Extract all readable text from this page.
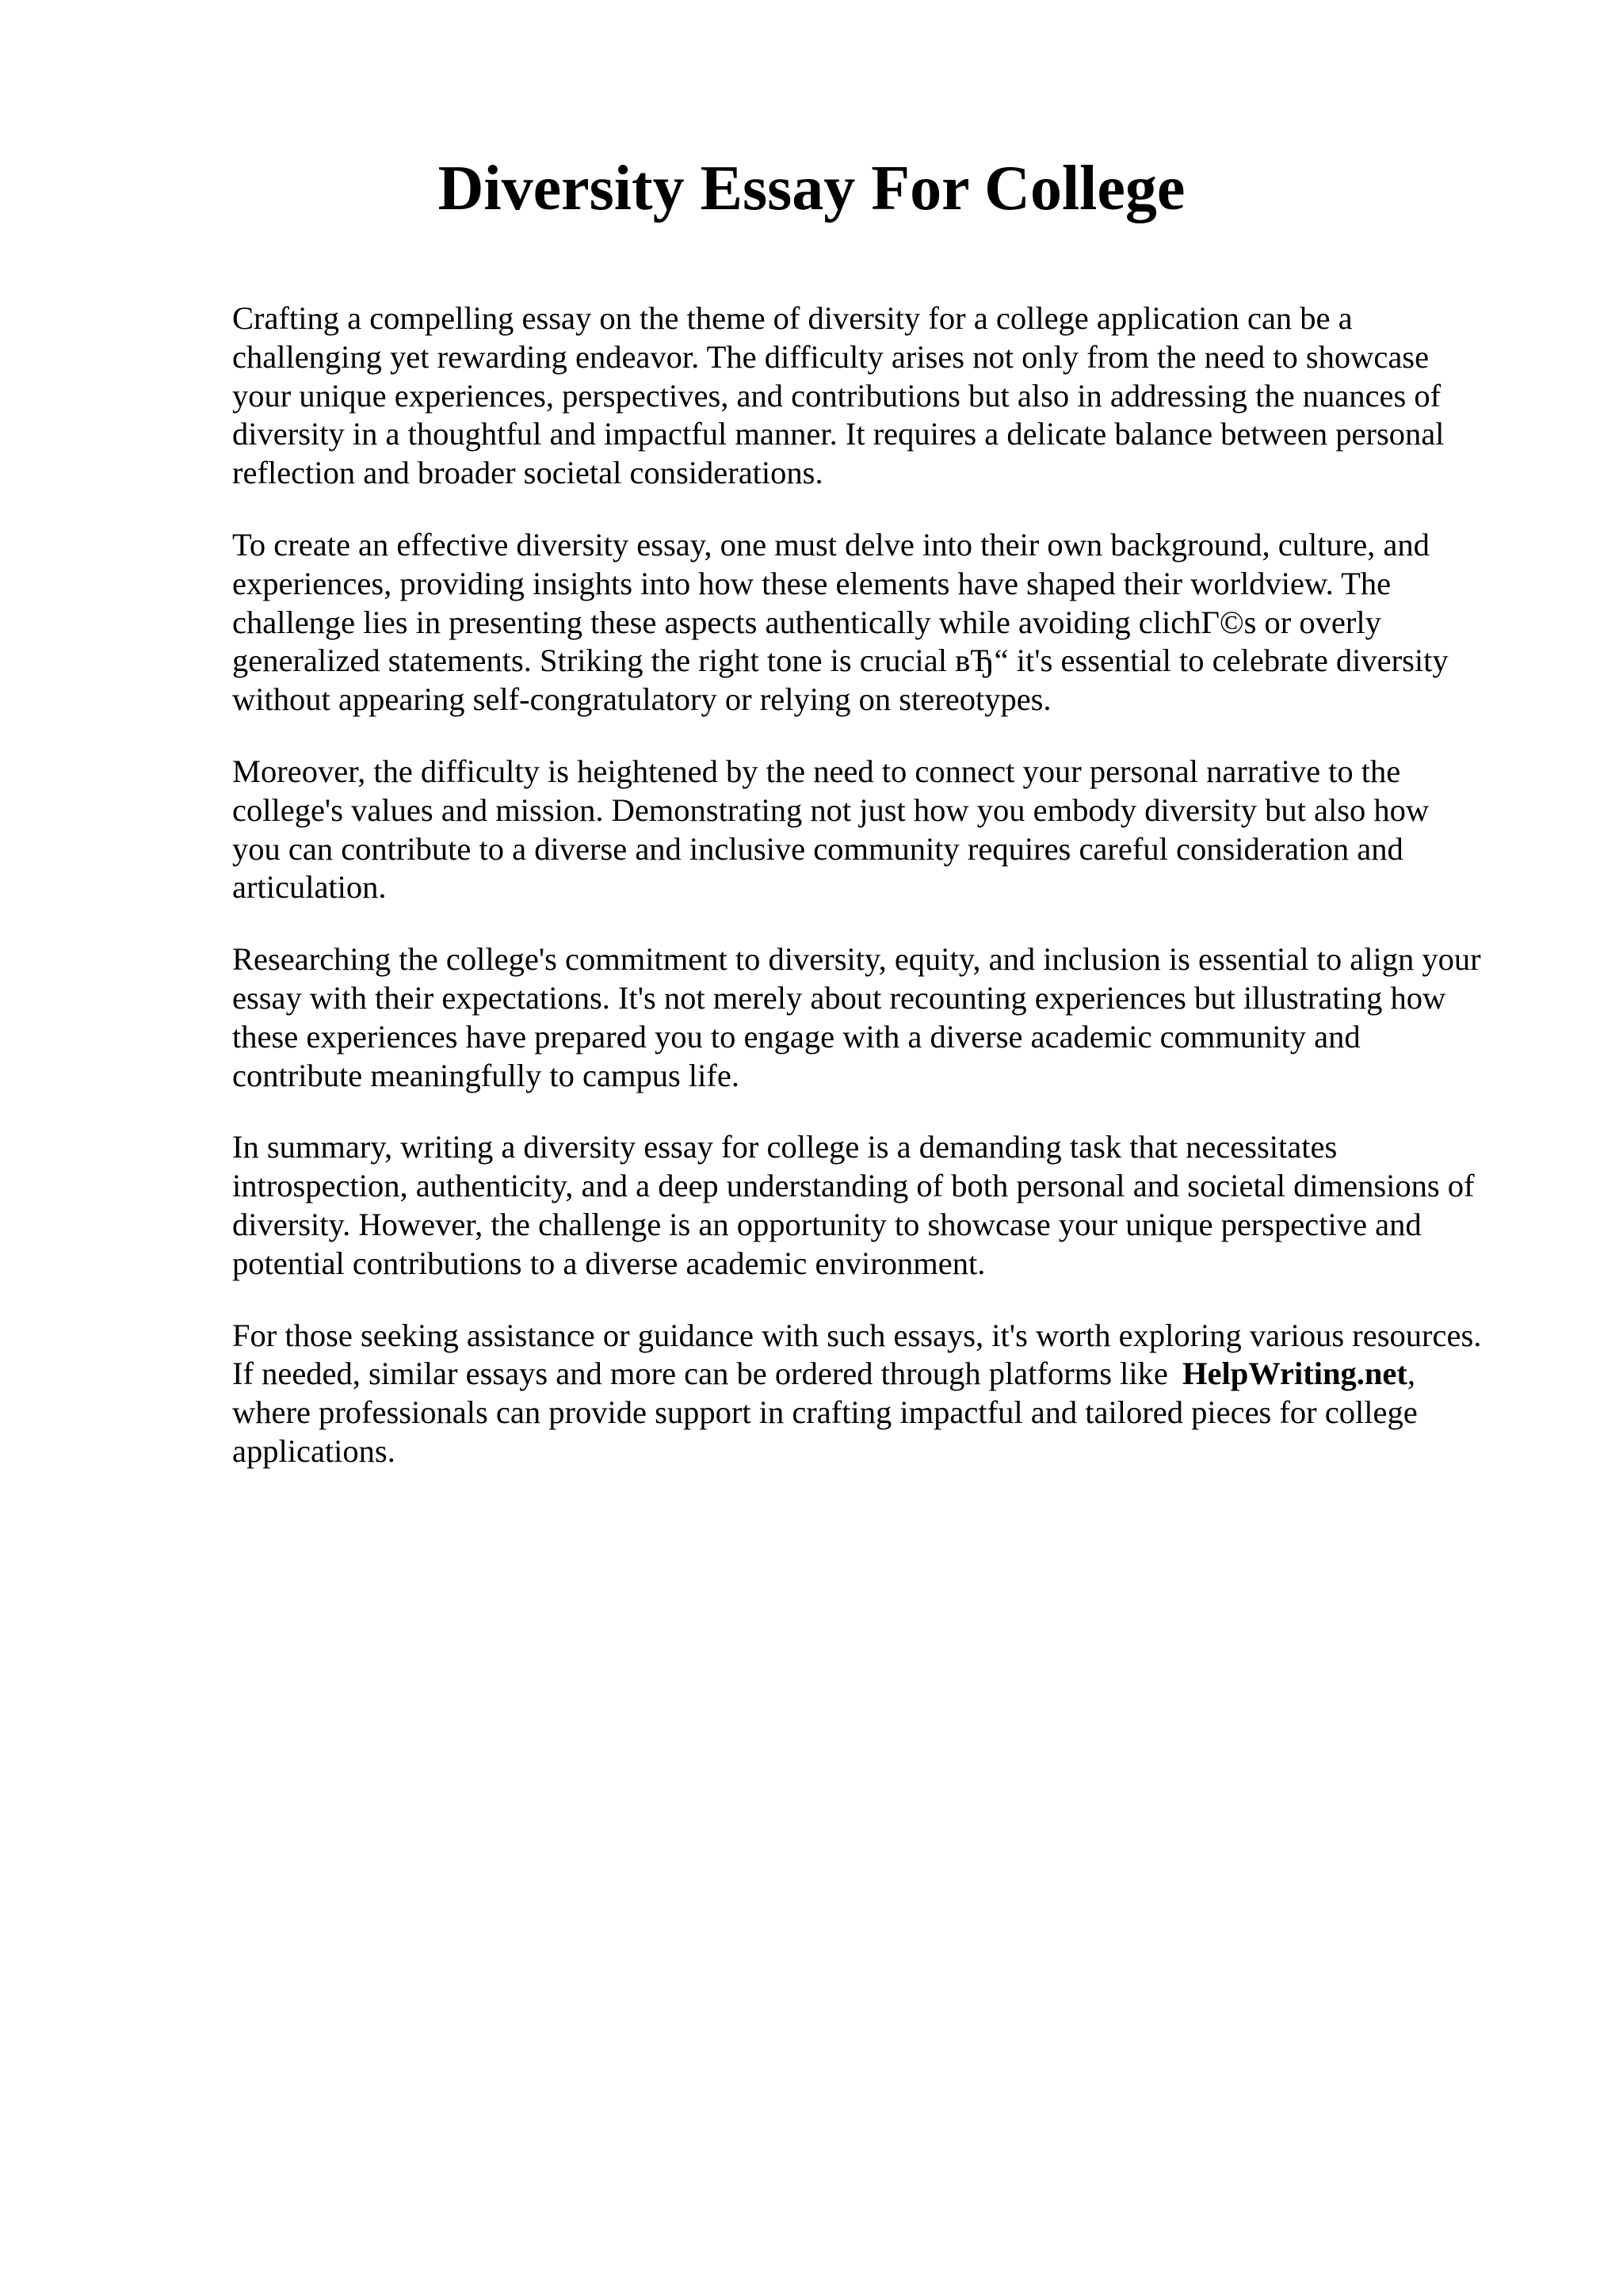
Diversity Essay For College

Crafting a compelling essay on the theme of diversity for a college application can be a
challenging yet rewarding endeavor. The difficulty arises not only from the need to showcase
your unique experiences, perspectives, and contributions but also in addressing the nuances of
diversity in a thoughtful and impactful manner. It requires a delicate balance between personal
reflection and broader societal considerations.

To create an effective diversity essay, one must delve into their own background, culture, and
experiences, providing insights into how these elements have shaped their worldview. The
challenge lies in presenting these aspects authentically while avoiding clichГ©s or overly
generalized statements. Striking the right tone is crucial вЂ“ it's essential to celebrate diversity
without appearing self-congratulatory or relying on stereotypes.

Moreover, the difficulty is heightened by the need to connect your personal narrative to the
college's values and mission. Demonstrating not just how you embody diversity but also how
you can contribute to a diverse and inclusive community requires careful consideration and
articulation.

Researching the college's commitment to diversity, equity, and inclusion is essential to align your
essay with their expectations. It's not merely about recounting experiences but illustrating how
these experiences have prepared you to engage with a diverse academic community and
contribute meaningfully to campus life.

In summary, writing a diversity essay for college is a demanding task that necessitates
introspection, authenticity, and a deep understanding of both personal and societal dimensions of
diversity. However, the challenge is an opportunity to showcase your unique perspective and
potential contributions to a diverse academic environment.

For those seeking assistance or guidance with such essays, it's worth exploring various resources.
If needed, similar essays and more can be ordered through platforms like HelpWriting.net,
where professionals can provide support in crafting impactful and tailored pieces for college
applications.
